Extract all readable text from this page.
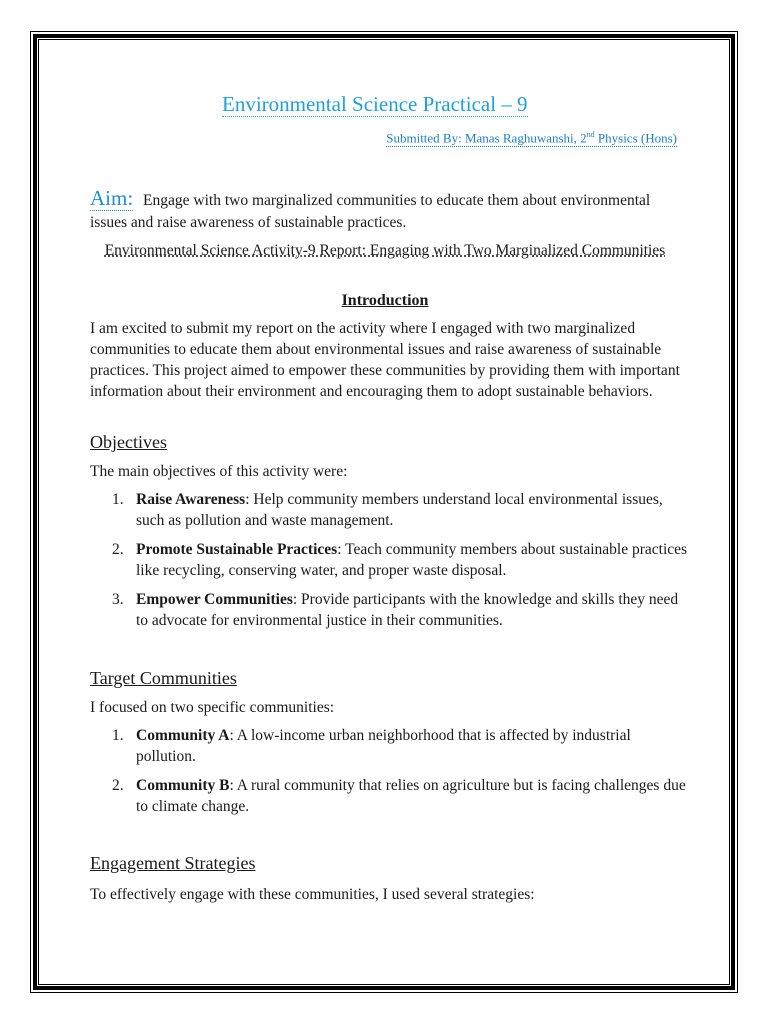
Environmental Science Practical – 9
Submitted By: Manas Raghuwanshi, 2nd Physics (Hons)
Aim: Engage with two marginalized communities to educate them about environmental issues and raise awareness of sustainable practices.
Environmental Science Activity-9 Report: Engaging with Two Marginalized Communities
Introduction
I am excited to submit my report on the activity where I engaged with two marginalized communities to educate them about environmental issues and raise awareness of sustainable practices. This project aimed to empower these communities by providing them with important information about their environment and encouraging them to adopt sustainable behaviors.
Objectives
The main objectives of this activity were:
1. Raise Awareness: Help community members understand local environmental issues, such as pollution and waste management.
2. Promote Sustainable Practices: Teach community members about sustainable practices like recycling, conserving water, and proper waste disposal.
3. Empower Communities: Provide participants with the knowledge and skills they need to advocate for environmental justice in their communities.
Target Communities
I focused on two specific communities:
1. Community A: A low-income urban neighborhood that is affected by industrial pollution.
2. Community B: A rural community that relies on agriculture but is facing challenges due to climate change.
Engagement Strategies
To effectively engage with these communities, I used several strategies:
